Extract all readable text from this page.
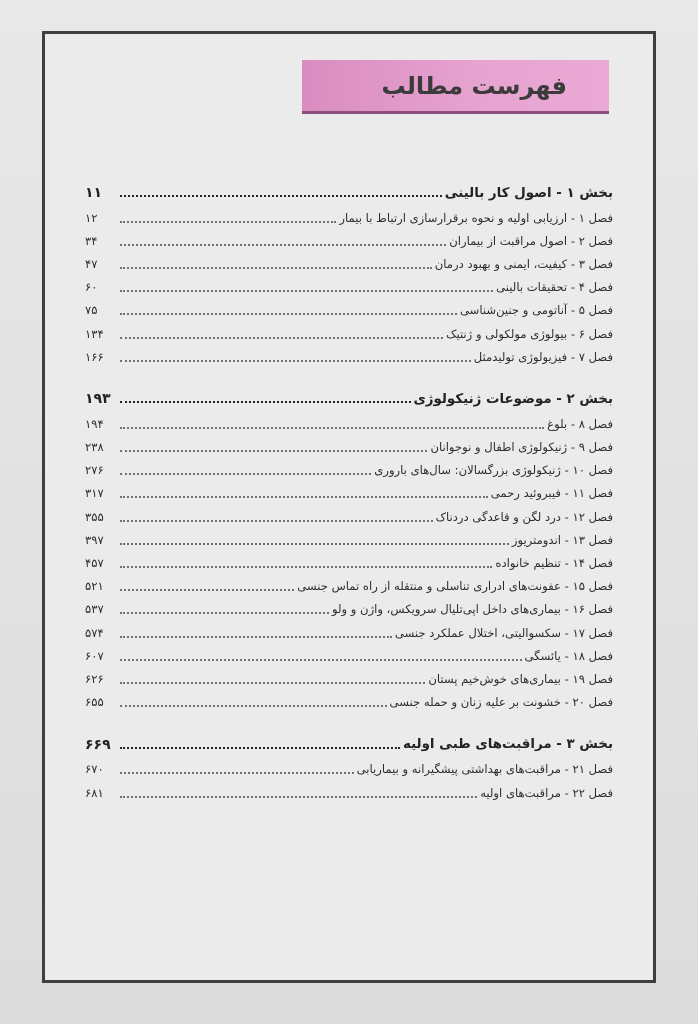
فهرست مطالب
بخش ۱ - اصول کار بالینی
۱۱
فصل ۱ - ارزیابی اولیه و نحوه برقرارسازی ارتباط با بیمار
۱۲
فصل ۲ - اصول مراقبت از بیماران
۳۴
فصل ۳ - کیفیت، ایمنی و بهبود درمان
۴۷
فصل ۴ - تحقیقات بالینی
۶۰
فصل ۵ - آناتومی و جنین‌شناسی
۷۵
فصل ۶ - بیولوژی مولکولی و ژنتیک
۱۳۴
فصل ۷ - فیزیولوژی تولیدمثل
۱۶۶
بخش ۲ - موضوعات ژنیکولوژی
۱۹۳
فصل ۸ - بلوغ
۱۹۴
فصل ۹ - ژنیکولوژی اطفال و نوجوانان
۲۳۸
فصل ۱۰ - ژنیکولوژی بزرگسالان: سال‌های باروری
۲۷۶
فصل ۱۱ - فیبروئید رحمی
۳۱۷
فصل ۱۲ - درد لگن و قاعدگی دردناک
۳۵۵
فصل ۱۳ - اندومتریوز
۳۹۷
فصل ۱۴ - تنظیم خانواده
۴۵۷
فصل ۱۵ - عفونت‌های ادراری تناسلی و منتقله از راه تماس جنسی
۵۲۱
فصل ۱۶ - بیماری‌های داخل اپی‌تلیال سرویکس، واژن و ولو
۵۳۷
فصل ۱۷ - سکسوالیتی، اختلال عملکرد جنسی
۵۷۴
فصل ۱۸ - یائسگی
۶۰۷
فصل ۱۹ - بیماری‌های خوش‌خیم پستان
۶۲۶
فصل ۲۰ - خشونت بر علیه زنان و حمله جنسی
۶۵۵
بخش ۳ - مراقبت‌های طبی اولیه
۶۶۹
فصل ۲۱ - مراقبت‌های بهداشتی پیشگیرانه و بیماریابی
۶۷۰
فصل ۲۲ - مراقبت‌های اولیه
۶۸۱
